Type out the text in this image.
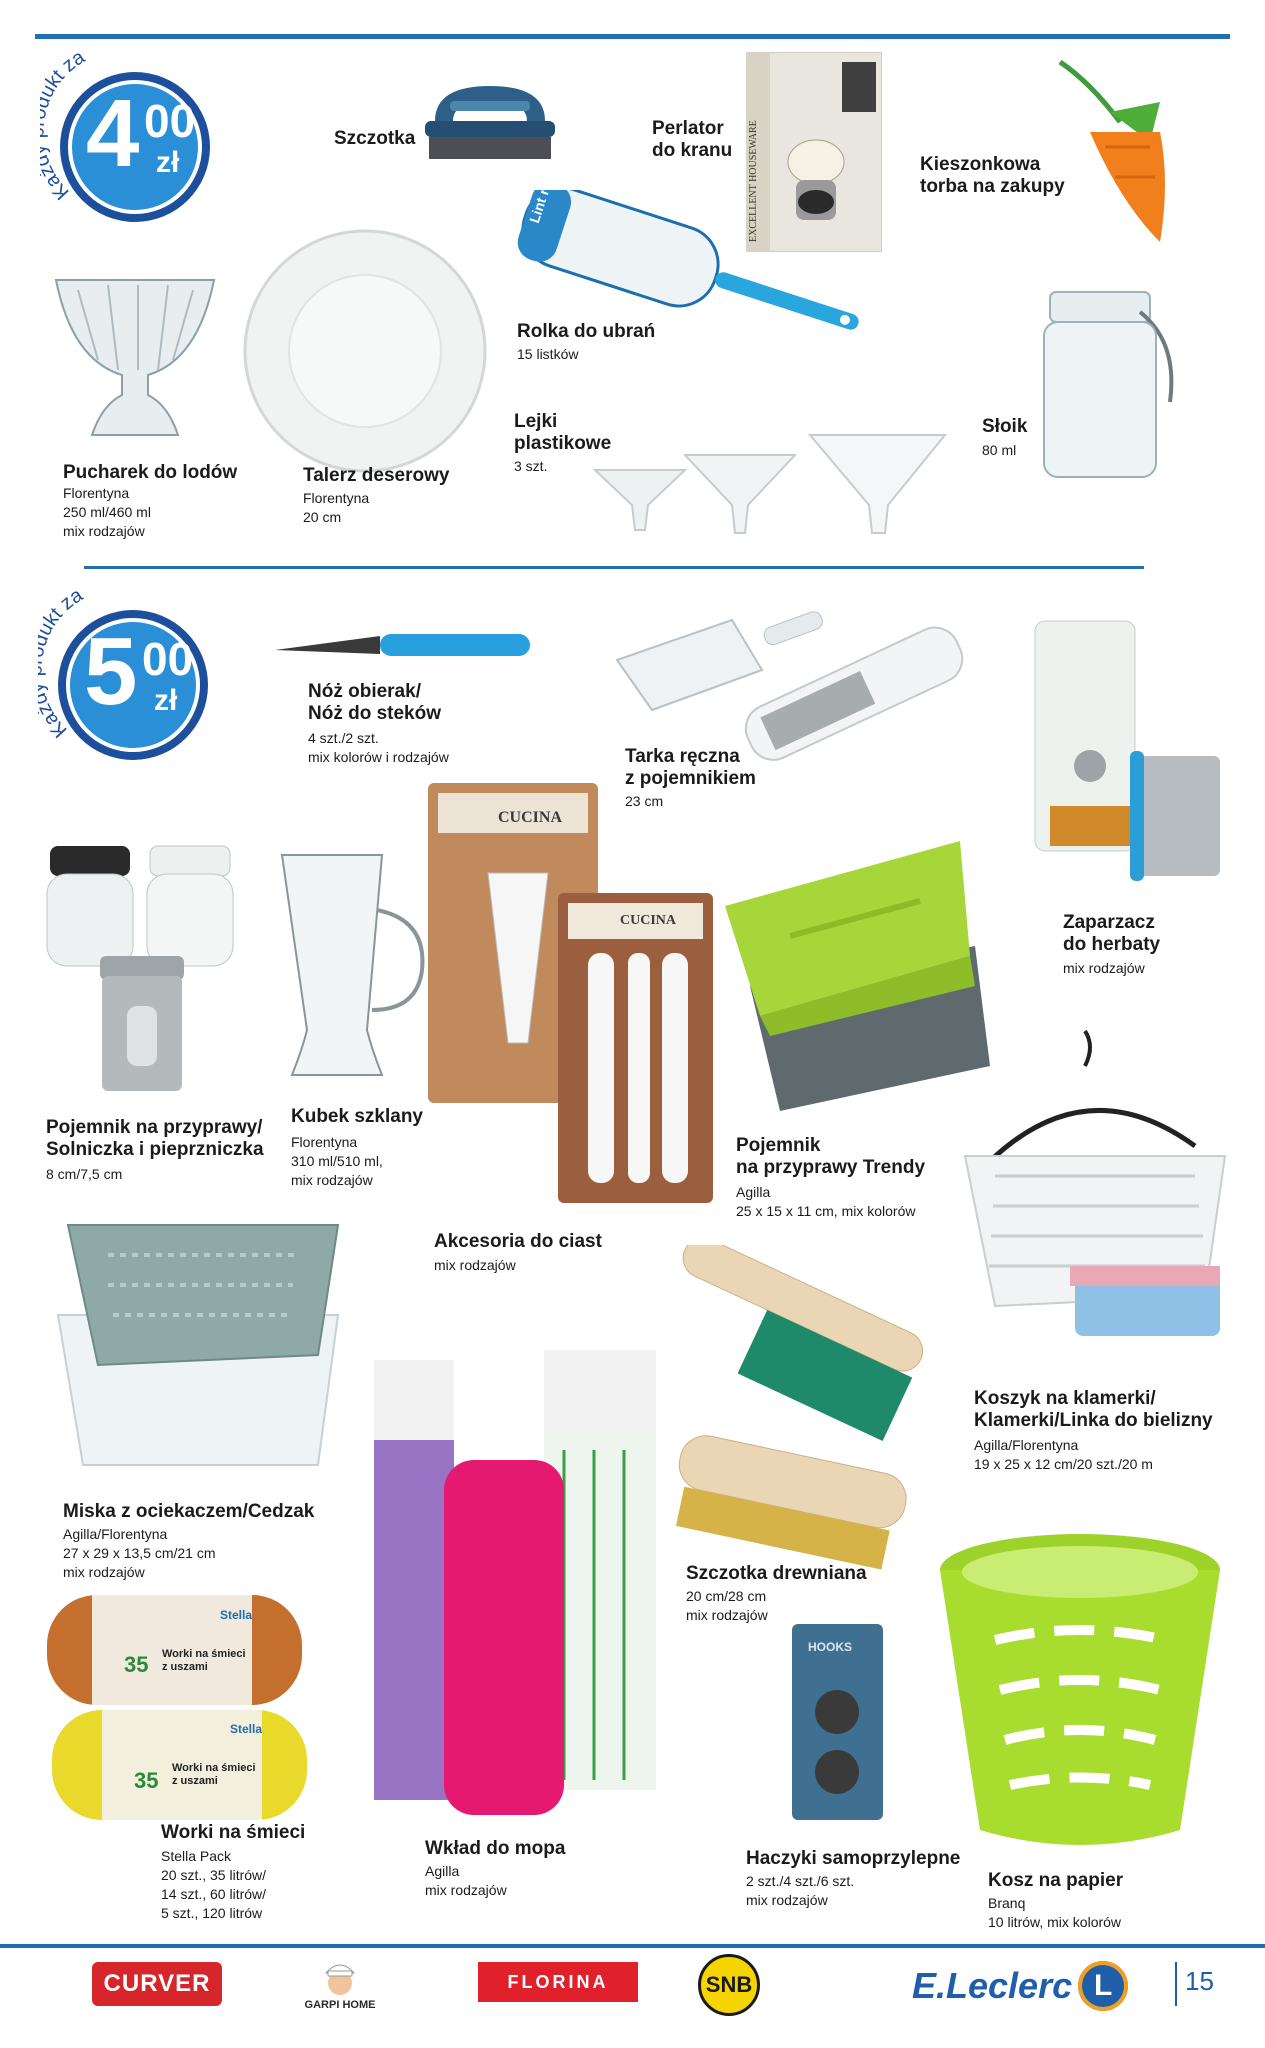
4 00
zł
Ka kt za
Szczotka	Perlator
do kranu EXCELLENT HOUSEWARE	Kieszonkowa
torba na zakupy
Pucharek do lodów
Florentyna
250 ml/460 ml
mix rodzajów
Talerz deserowy
Florentyna
20 cm
Lint roller
Rolka do ubrań
15 listków
Lejki
plastikowe
3 szt.
Słoik
80 ml
5 00
zł
Ka kt za
Nóż obierak/
Nóż do steków
4 szt./2 szt.
mix kolorów i rodzajów	Tarka ręczna
z pojemnikiem
23 cm
Zaparzacz
do herbaty
mix rodzajów
Pojemnik na przyprawy/
Solniczka i pieprzniczka
8 cm/7,5 cm
Kubek szklany
Florentyna
310 ml/510 ml,
mix rodzajów
CUCINA
CUCINA
Akcesoria do ciast
mix rodzajów
Pojemnik
na przyprawy Trendy
Agilla
25 x 15 x 11 cm, mix kolorów
Koszyk na klamerki/
Klamerki/Linka do bielizny
Agilla/Florentyna
19 x 25 x 12 cm/20 szt./20 m
Miska z ociekaczem/Cedzak
Agilla/Florentyna
27 x 29 x 13,5 cm/21 cm
mix rodzajów	Szczotka drewniana
20 cm/28 cm
mix rodzajów
Stella
35 Worki na śmieci
z uszami
Stella
35 Worki na śmieci
z uszami
Worki na śmieci
Stella Pack
20 szt., 35 litrów/
14 szt., 60 litrów/
5 szt., 120 litrów
Wkład do mopa
Agilla
mix rodzajów
HOOKS
Haczyki samoprzylepne
2 szt./4 szt./6 szt.
mix rodzajów
Kosz na papier
Branq
10 litrów, mix kolorów
CURVER
GARPI HOME
FLORINA	SNB	E.Leclerc L	15
